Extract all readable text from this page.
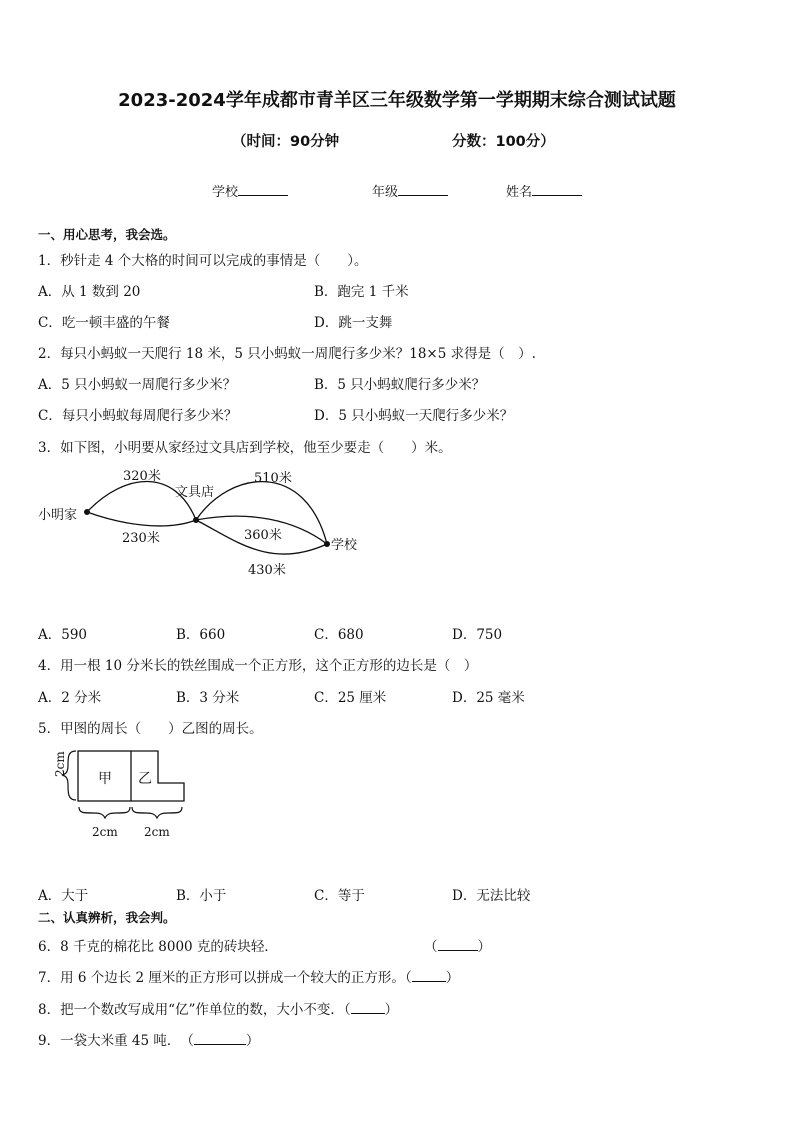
2023-2024学年成都市青羊区三年级数学第一学期期末综合测试试题
（时间：90分钟	分数：100分）
学校	年级	姓名
一、用心思考，我会选。
1．秒针走 4 个大格的时间可以完成的事情是（　　）。
A．从 1 数到 20	B．跑完 1 千米
C．吃一顿丰盛的午餐	D．跳一支舞
2．每只小蚂蚁一天爬行 18 米，5 只小蚂蚁一周爬行多少米？18×5 求得是（　）.
A．5 只小蚂蚁一周爬行多少米？	B．5 只小蚂蚁爬行多少米？
C．每只小蚂蚁每周爬行多少米？	D．5 只小蚂蚁一天爬行多少米？
3．如下图，小明要从家经过文具店到学校，他至少要走（　　）米。
小明家
文具店
学校
320米
230米
510米
360米
430米
A．590	B．660	C．680	D．750
4．用一根 10 分米长的铁丝围成一个正方形，这个正方形的边长是（　）
A．2 分米	B．3 分米	C．25 厘米	D．25 毫米
5．甲图的周长（　　）乙图的周长。
2cm
甲 乙
2cm 2cm
A．大于	B．小于	C．等于	D．无法比较
二、认真辨析，我会判。
6．8 千克的棉花比 8000 克的砖块轻．	（	）
7．用 6 个边长 2 厘米的正方形可以拼成一个较大的正方形。（	）
8．把一个数改写成用“亿”作单位的数，大小不变．（	）
9．一袋大米重 45 吨．　（	）
